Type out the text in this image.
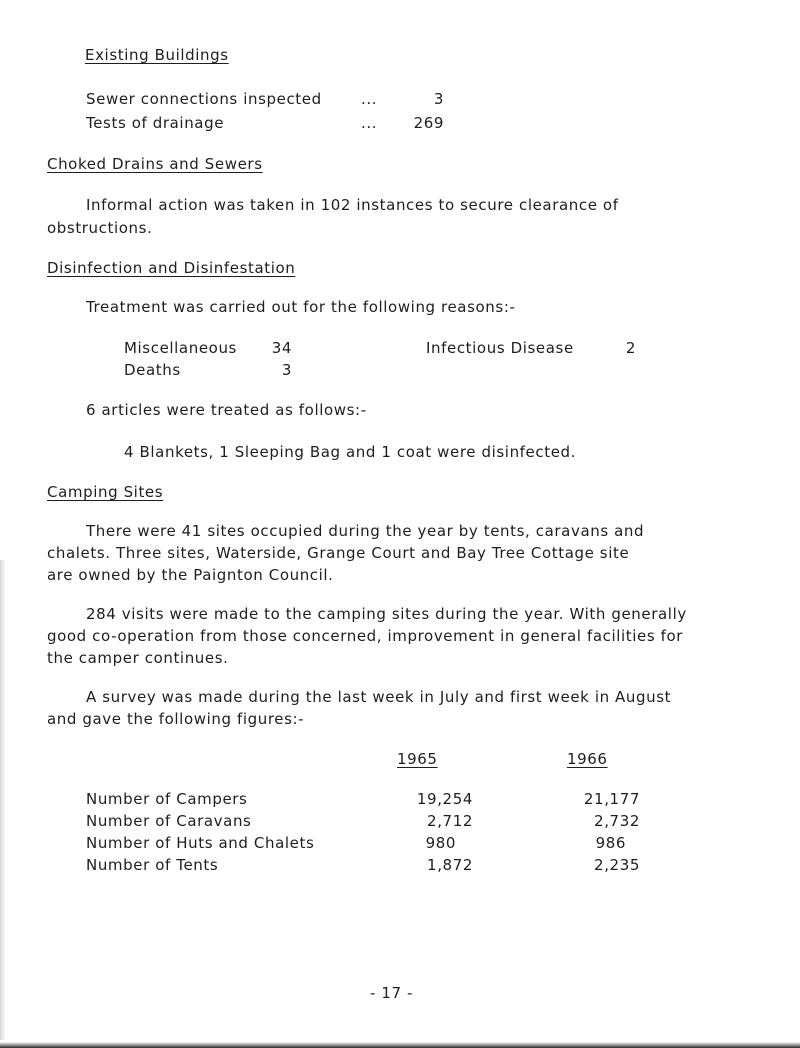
Existing Buildings
Sewer connections inspected	...	3
Tests of drainage	...	269
Choked Drains and Sewers
Informal action was taken in 102 instances to secure clearance of
obstructions.
Disinfection and Disinfestation
Treatment was carried out for the following reasons:-
Miscellaneous	34
Deaths	3
Infectious Disease	2
6 articles were treated as follows:-
4 Blankets, 1 Sleeping Bag and 1 coat were disinfected.
Camping Sites
There were 41 sites occupied during the year by tents, caravans and
chalets. Three sites, Waterside, Grange Court and Bay Tree Cottage site
are owned by the Paignton Council.
284 visits were made to the camping sites during the year. With generally
good co-operation from those concerned, improvement in general facilities for
the camper continues.
A survey was made during the last week in July and first week in August
and gave the following figures:-
1965	1966
Number of Campers	19,254	21,177
Number of Caravans	2,712	2,732
Number of Huts and Chalets	980	986
Number of Tents	1,872	2,235
- 17 -
